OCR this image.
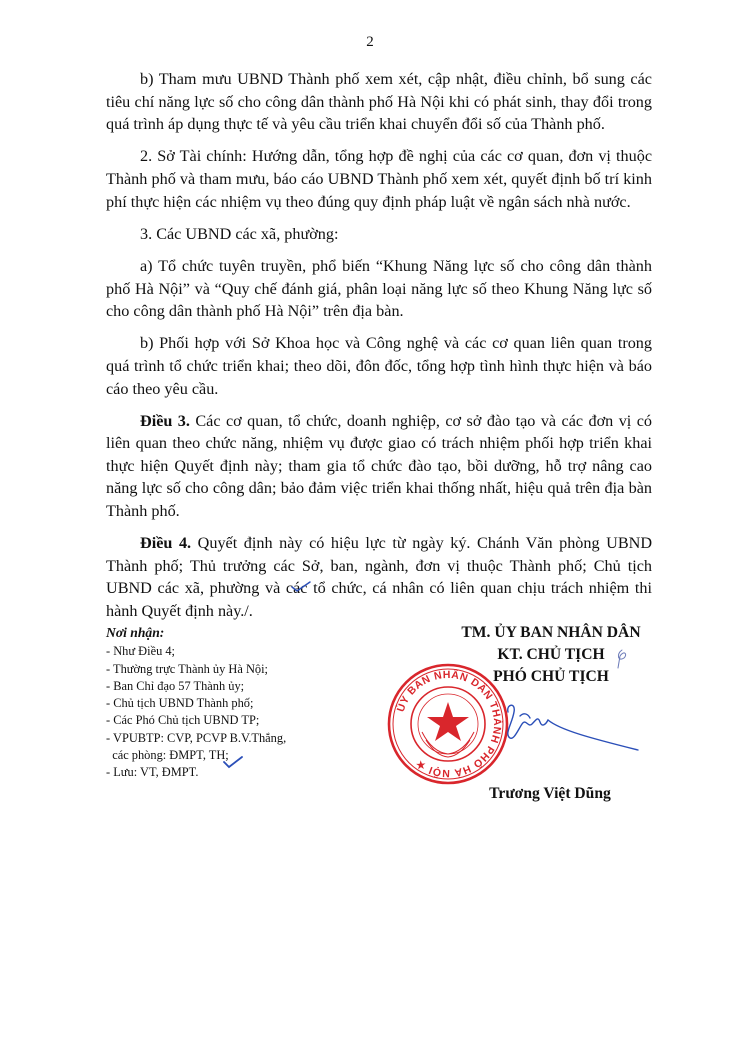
2

b) Tham mưu UBND Thành phố xem xét, cập nhật, điều chỉnh, bổ sung các tiêu chí năng lực số cho công dân thành phố Hà Nội khi có phát sinh, thay đổi trong quá trình áp dụng thực tế và yêu cầu triển khai chuyển đổi số của Thành phố.

2. Sở Tài chính: Hướng dẫn, tổng hợp đề nghị của các cơ quan, đơn vị thuộc Thành phố và tham mưu, báo cáo UBND Thành phố xem xét, quyết định bố trí kinh phí thực hiện các nhiệm vụ theo đúng quy định pháp luật về ngân sách nhà nước.

3. Các UBND các xã, phường:

a) Tổ chức tuyên truyền, phổ biến “Khung Năng lực số cho công dân thành phố Hà Nội” và “Quy chế đánh giá, phân loại năng lực số theo Khung Năng lực số cho công dân thành phố Hà Nội” trên địa bàn.

b) Phối hợp với Sở Khoa học và Công nghệ và các cơ quan liên quan trong quá trình tổ chức triển khai; theo dõi, đôn đốc, tổng hợp tình hình thực hiện và báo cáo theo yêu cầu.

Điều 3. Các cơ quan, tổ chức, doanh nghiệp, cơ sở đào tạo và các đơn vị có liên quan theo chức năng, nhiệm vụ được giao có trách nhiệm phối hợp triển khai thực hiện Quyết định này; tham gia tổ chức đào tạo, bồi dưỡng, hỗ trợ nâng cao năng lực số cho công dân; bảo đảm việc triển khai thống nhất, hiệu quả trên địa bàn Thành phố.

Điều 4. Quyết định này có hiệu lực từ ngày ký. Chánh Văn phòng UBND Thành phố; Thủ trưởng các Sở, ban, ngành, đơn vị thuộc Thành phố; Chủ tịch UBND các xã, phường và các tổ chức, cá nhân có liên quan chịu trách nhiệm thi hành Quyết định này./.

Nơi nhận:
- Như Điều 4;
- Thường trực Thành ủy Hà Nội;
- Ban Chỉ đạo 57 Thành ủy;
- Chủ tịch UBND Thành phố;
- Các Phó Chủ tịch UBND TP;
- VPUBTP: CVP, PCVP B.V.Thắng,
các phòng: ĐMPT, TH;
- Lưu: VT, ĐMPT.
TM. ỦY BAN NHÂN DÂN
KT. CHỦ TỊCH
PHÓ CHỦ TỊCH
ỦY BAN NHÂN DÂN THÀNH PHỐ HÀ NỘI ★
Trương Việt Dũng
